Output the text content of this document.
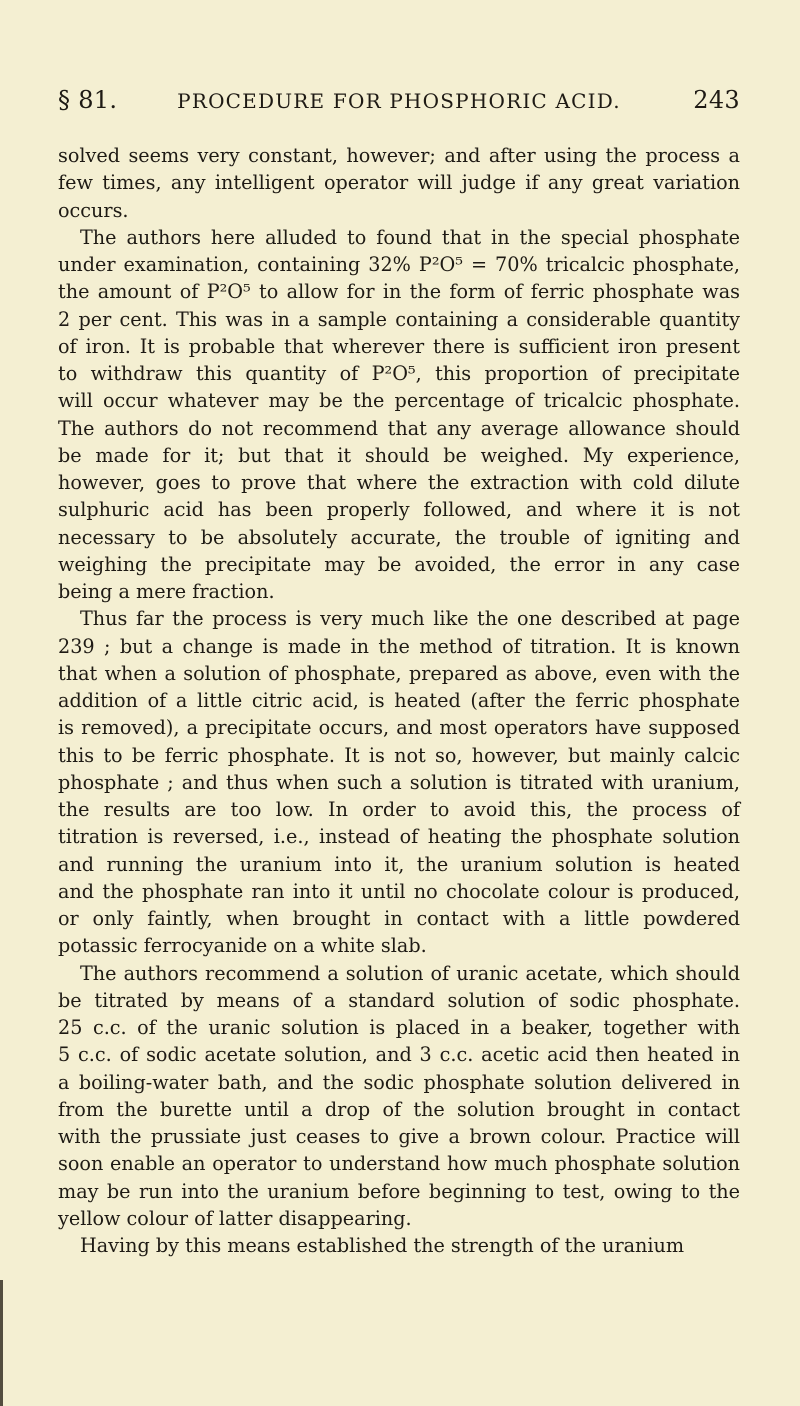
§ 81.	PROCEDURE FOR PHOSPHORIC ACID.	243
solved seems very constant, however; and after using the process a
few times, any intelligent operator will judge if any great variation
occurs.
The authors here alluded to found that in the special phosphate
under examination, containing 32% P²O⁵ = 70% tricalcic phosphate,
the amount of P²O⁵ to allow for in the form of ferric phosphate was
2 per cent. This was in a sample containing a considerable quantity
of iron. It is probable that wherever there is sufficient iron present
to withdraw this quantity of P²O⁵, this proportion of precipitate
will occur whatever may be the percentage of tricalcic phosphate.
The authors do not recommend that any average allowance should
be made for it; but that it should be weighed. My experience,
however, goes to prove that where the extraction with cold dilute
sulphuric acid has been properly followed, and where it is not
necessary to be absolutely accurate, the trouble of igniting and
weighing the precipitate may be avoided, the error in any case
being a mere fraction.
Thus far the process is very much like the one described at page
239 ; but a change is made in the method of titration. It is known
that when a solution of phosphate, prepared as above, even with the
addition of a little citric acid, is heated (after the ferric phosphate
is removed), a precipitate occurs, and most operators have supposed
this to be ferric phosphate. It is not so, however, but mainly calcic
phosphate ; and thus when such a solution is titrated with uranium,
the results are too low. In order to avoid this, the process of
titration is reversed, i.e., instead of heating the phosphate solution
and running the uranium into it, the uranium solution is heated
and the phosphate ran into it until no chocolate colour is produced,
or only faintly, when brought in contact with a little powdered
potassic ferrocyanide on a white slab.
The authors recommend a solution of uranic acetate, which should
be titrated by means of a standard solution of sodic phosphate.
25 c.c. of the uranic solution is placed in a beaker, together with
5 c.c. of sodic acetate solution, and 3 c.c. acetic acid then heated in
a boiling-water bath, and the sodic phosphate solution delivered in
from the burette until a drop of the solution brought in contact
with the prussiate just ceases to give a brown colour. Practice will
soon enable an operator to understand how much phosphate solution
may be run into the uranium before beginning to test, owing to the
yellow colour of latter disappearing.
Having by this means established the strength of the uranium
